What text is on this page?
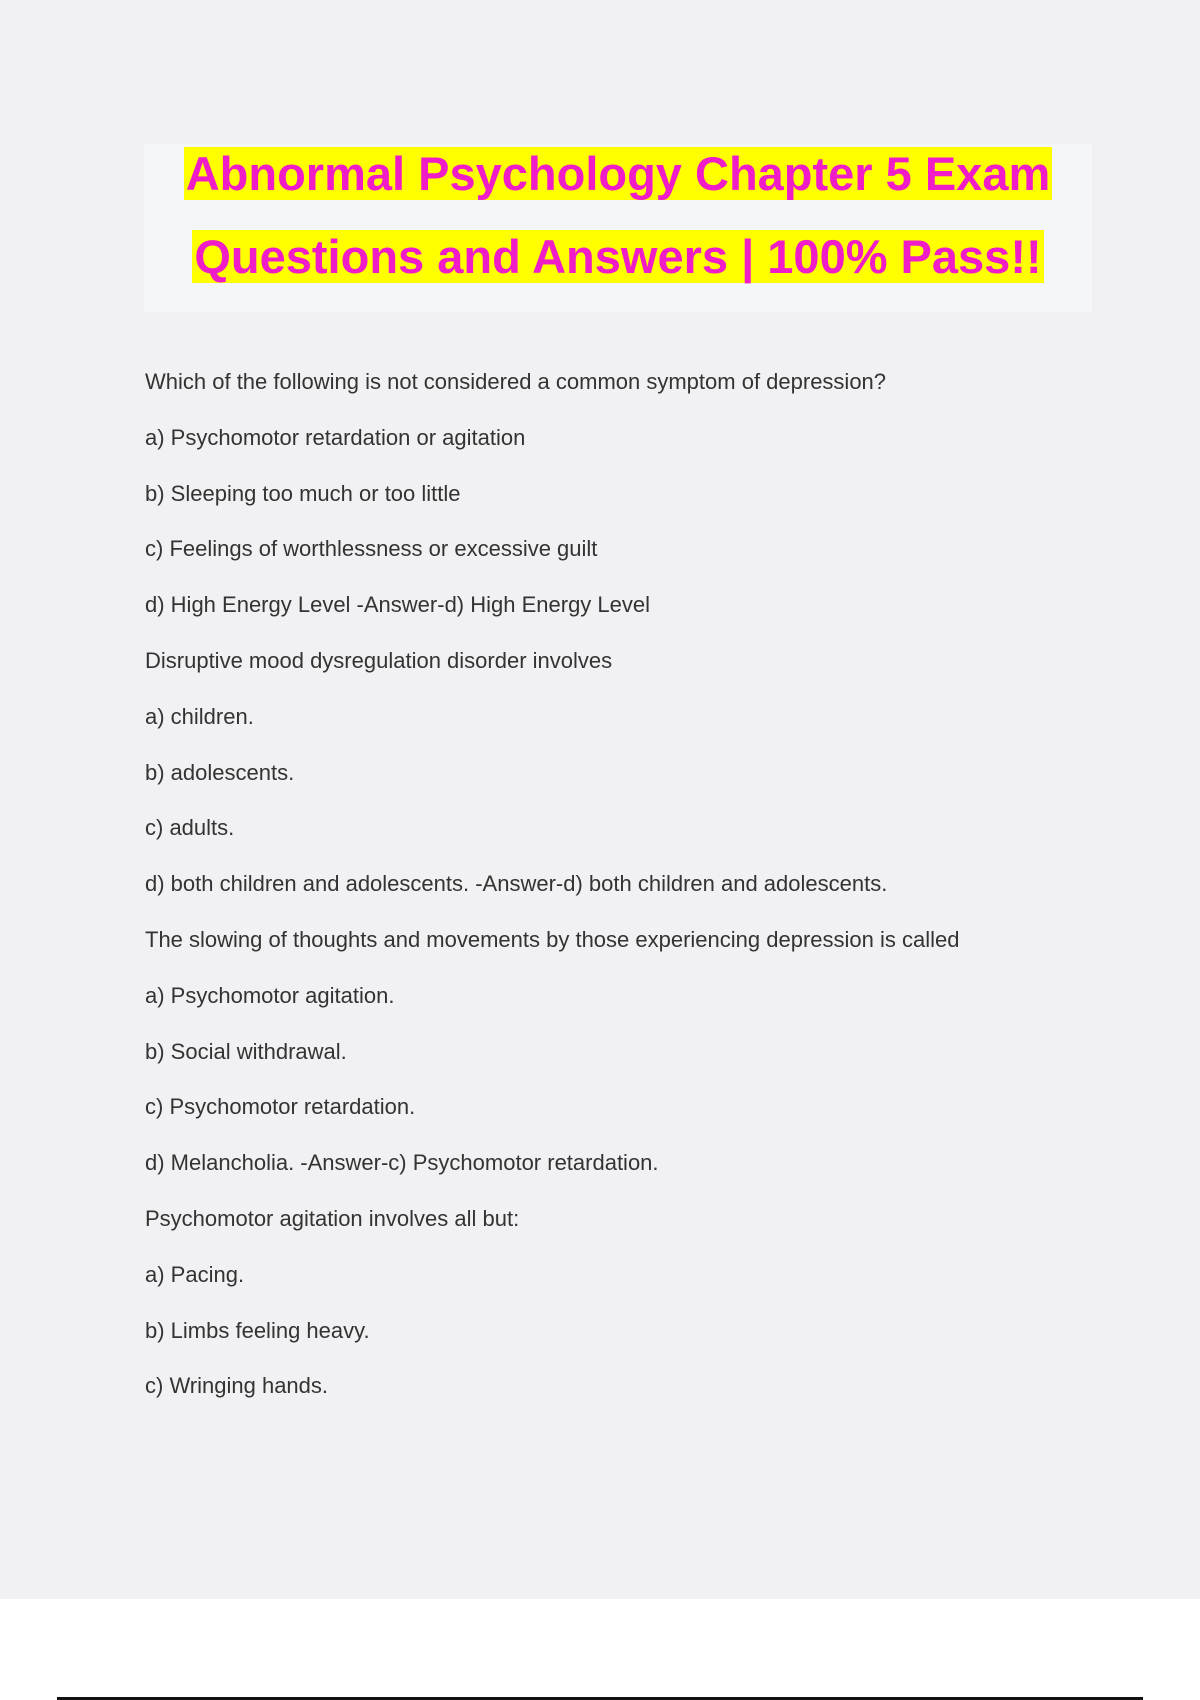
Abnormal Psychology Chapter 5 Exam
Questions and Answers | 100% Pass!!
Which of the following is not considered a common symptom of depression?
a) Psychomotor retardation or agitation
b) Sleeping too much or too little
c) Feelings of worthlessness or excessive guilt
d) High Energy Level -Answer-d) High Energy Level
Disruptive mood dysregulation disorder involves
a) children.
b) adolescents.
c) adults.
d) both children and adolescents. -Answer-d) both children and adolescents.
The slowing of thoughts and movements by those experiencing depression is called
a) Psychomotor agitation.
b) Social withdrawal.
c) Psychomotor retardation.
d) Melancholia. -Answer-c) Psychomotor retardation.
Psychomotor agitation involves all but:
a) Pacing.
b) Limbs feeling heavy.
c) Wringing hands.
